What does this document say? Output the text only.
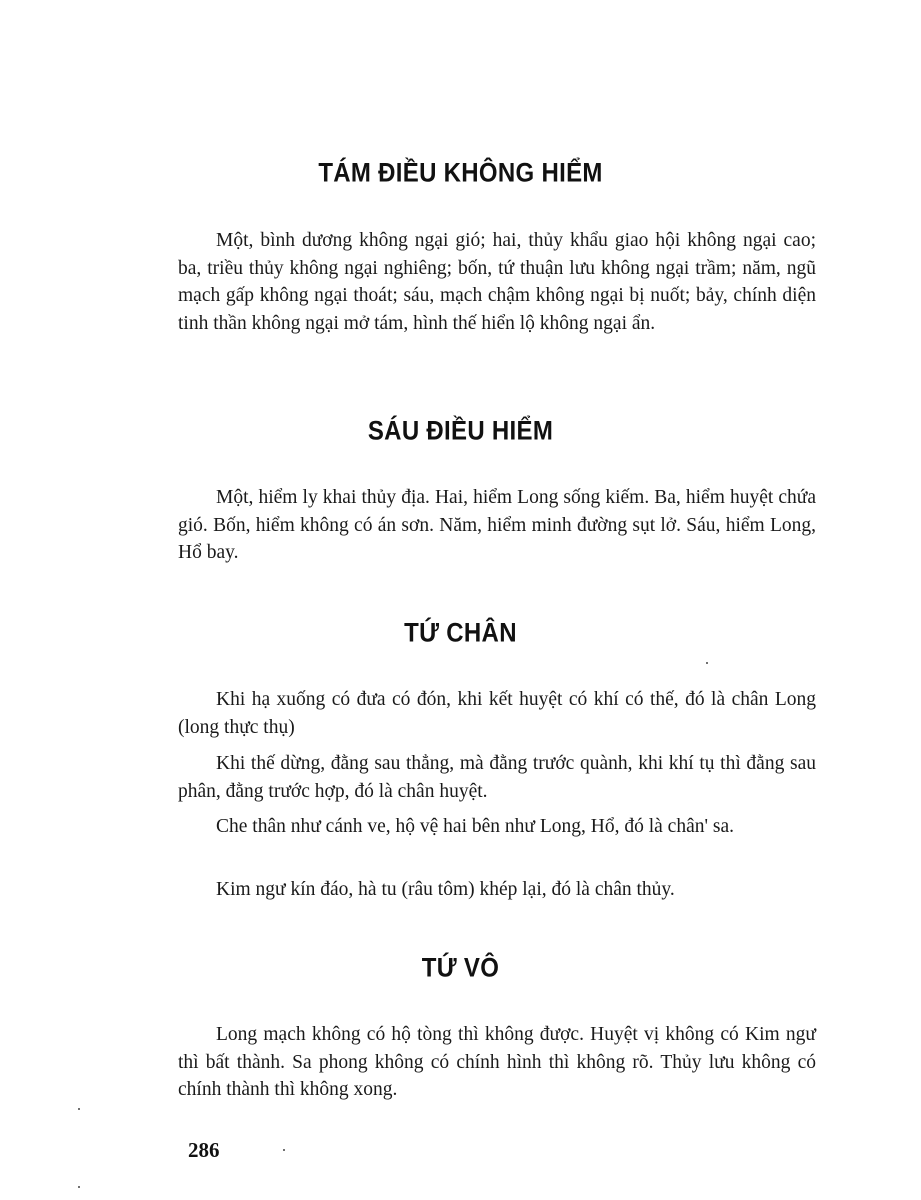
TÁM ĐIỀU KHÔNG HIỂM

Một, bình dương không ngại gió; hai, thủy khẩu giao hội không ngại cao; ba, triều thủy không ngại nghiêng; bốn, tứ thuận lưu không ngại trầm; năm, ngũ mạch gấp không ngại thoát; sáu, mạch chậm không ngại bị nuốt; bảy, chính diện tinh thần không ngại mở tám, hình thế hiển lộ không ngại ẩn.

SÁU ĐIỀU HIỂM

Một, hiểm ly khai thủy địa. Hai, hiểm Long sống kiếm. Ba, hiểm huyệt chứa gió. Bốn, hiểm không có án sơn. Năm, hiểm minh đường sụt lở. Sáu, hiểm Long, Hổ bay.

TỨ CHÂN

Khi hạ xuống có đưa có đón, khi kết huyệt có khí có thế, đó là chân Long (long thực thụ)

Khi thế dừng, đằng sau thẳng, mà đằng trước quành, khi khí tụ thì đằng sau phân, đằng trước hợp, đó là chân huyệt.

Che thân như cánh ve, hộ vệ hai bên như Long, Hổ, đó là chân' sa.

Kim ngư kín đáo, hà tu (râu tôm) khép lại, đó là chân thủy.

TỨ VÔ

Long mạch không có hộ tòng thì không được. Huyệt vị không có Kim ngư thì bất thành. Sa phong không có chính hình thì không rõ. Thủy lưu không có chính thành thì không xong.

286
